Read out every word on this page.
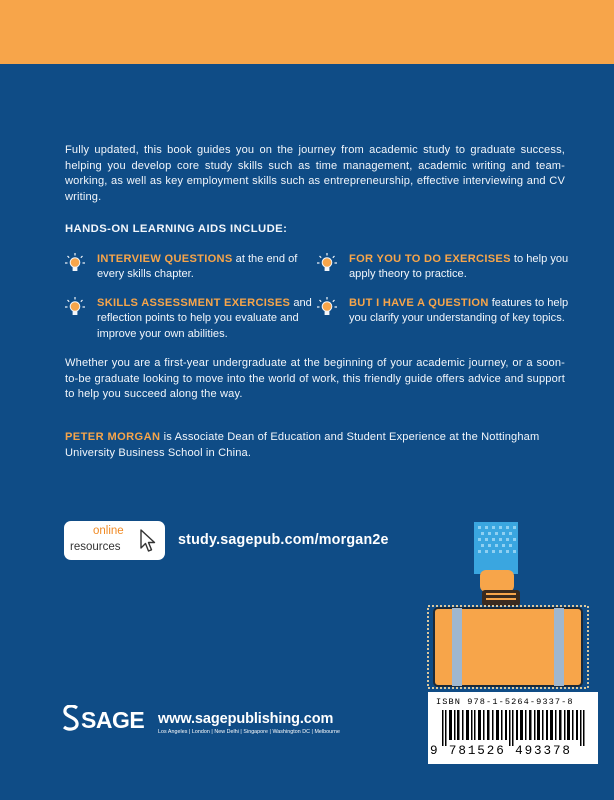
Fully updated, this book guides you on the journey from academic study to graduate success, helping you develop core study skills such as time management, academic writing and team-working, as well as key employment skills such as entrepreneurship, effective interviewing and CV writing.

HANDS-ON LEARNING AIDS INCLUDE:

INTERVIEW QUESTIONS at the end of every skills chapter.
FOR YOU TO DO EXERCISES to help you apply theory to practice.
SKILLS ASSESSMENT EXERCISES and reflection points to help you evaluate and improve your own abilities.
BUT I HAVE A QUESTION features to help you clarify your understanding of key topics.

Whether you are a first-year undergraduate at the beginning of your academic journey, or a soon-to-be graduate looking to move into the world of work, this friendly guide offers advice and support to help you succeed along the way.

PETER MORGAN is Associate Dean of Education and Student Experience at the Nottingham University Business School in China.

online
resources	study.sagepub.com/morgan2e
ISBN 978-1-5264-9337-8
9 781526 493378
SAGE www.sagepublishing.com
Los Angeles | London | New Delhi | Singapore | Washington DC | Melbourne
